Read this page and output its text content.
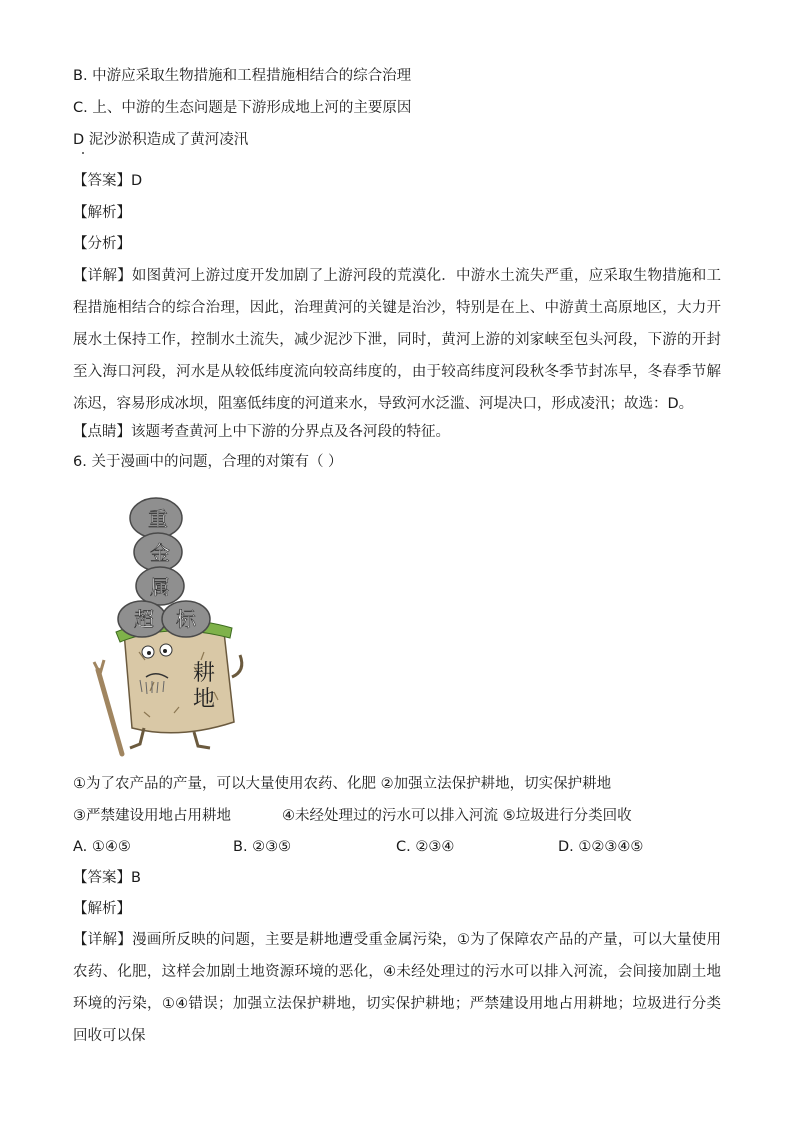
B. 中游应采取生物措施和工程措施相结合的综合治理
C. 上、中游的生态问题是下游形成地上河的主要原因
D 泥沙淤积造成了黄河凌汛
【答案】D
【解析】
【分析】
【详解】如图黄河上游过度开发加剧了上游河段的荒漠化．中游水土流失严重，应采取生物措施和工程措施相结合的综合治理，因此，治理黄河的关键是治沙，特别是在上、中游黄土高原地区，大力开展水土保持工作，控制水土流失，减少泥沙下泄，同时，黄河上游的刘家峡至包头河段，下游的开封至入海口河段，河水是从较低纬度流向较高纬度的，由于较高纬度河段秋冬季节封冻早，冬春季节解冻迟，容易形成冰坝，阻塞低纬度的河道来水，导致河水泛滥、河堤决口，形成凌汛；故选：D。
【点睛】该题考查黄河上中下游的分界点及各河段的特征。
6. 关于漫画中的问题，合理的对策有（ ）
重
金
属
超 标
耕
地
①为了农产品的产量，可以大量使用农药、化肥 ②加强立法保护耕地，切实保护耕地
③严禁建设用地占用耕地	④未经处理过的污水可以排入河流 ⑤垃圾进行分类回收
A. ①④⑤	B. ②③⑤	C. ②③④	D. ①②③④⑤
【答案】B
【解析】
【详解】漫画所反映的问题，主要是耕地遭受重金属污染，①为了保障农产品的产量，可以大量使用农药、化肥，这样会加剧土地资源环境的恶化，④未经处理过的污水可以排入河流，会间接加剧土地环境的污染，①④错误；加强立法保护耕地，切实保护耕地；严禁建设用地占用耕地；垃圾进行分类回收可以保
